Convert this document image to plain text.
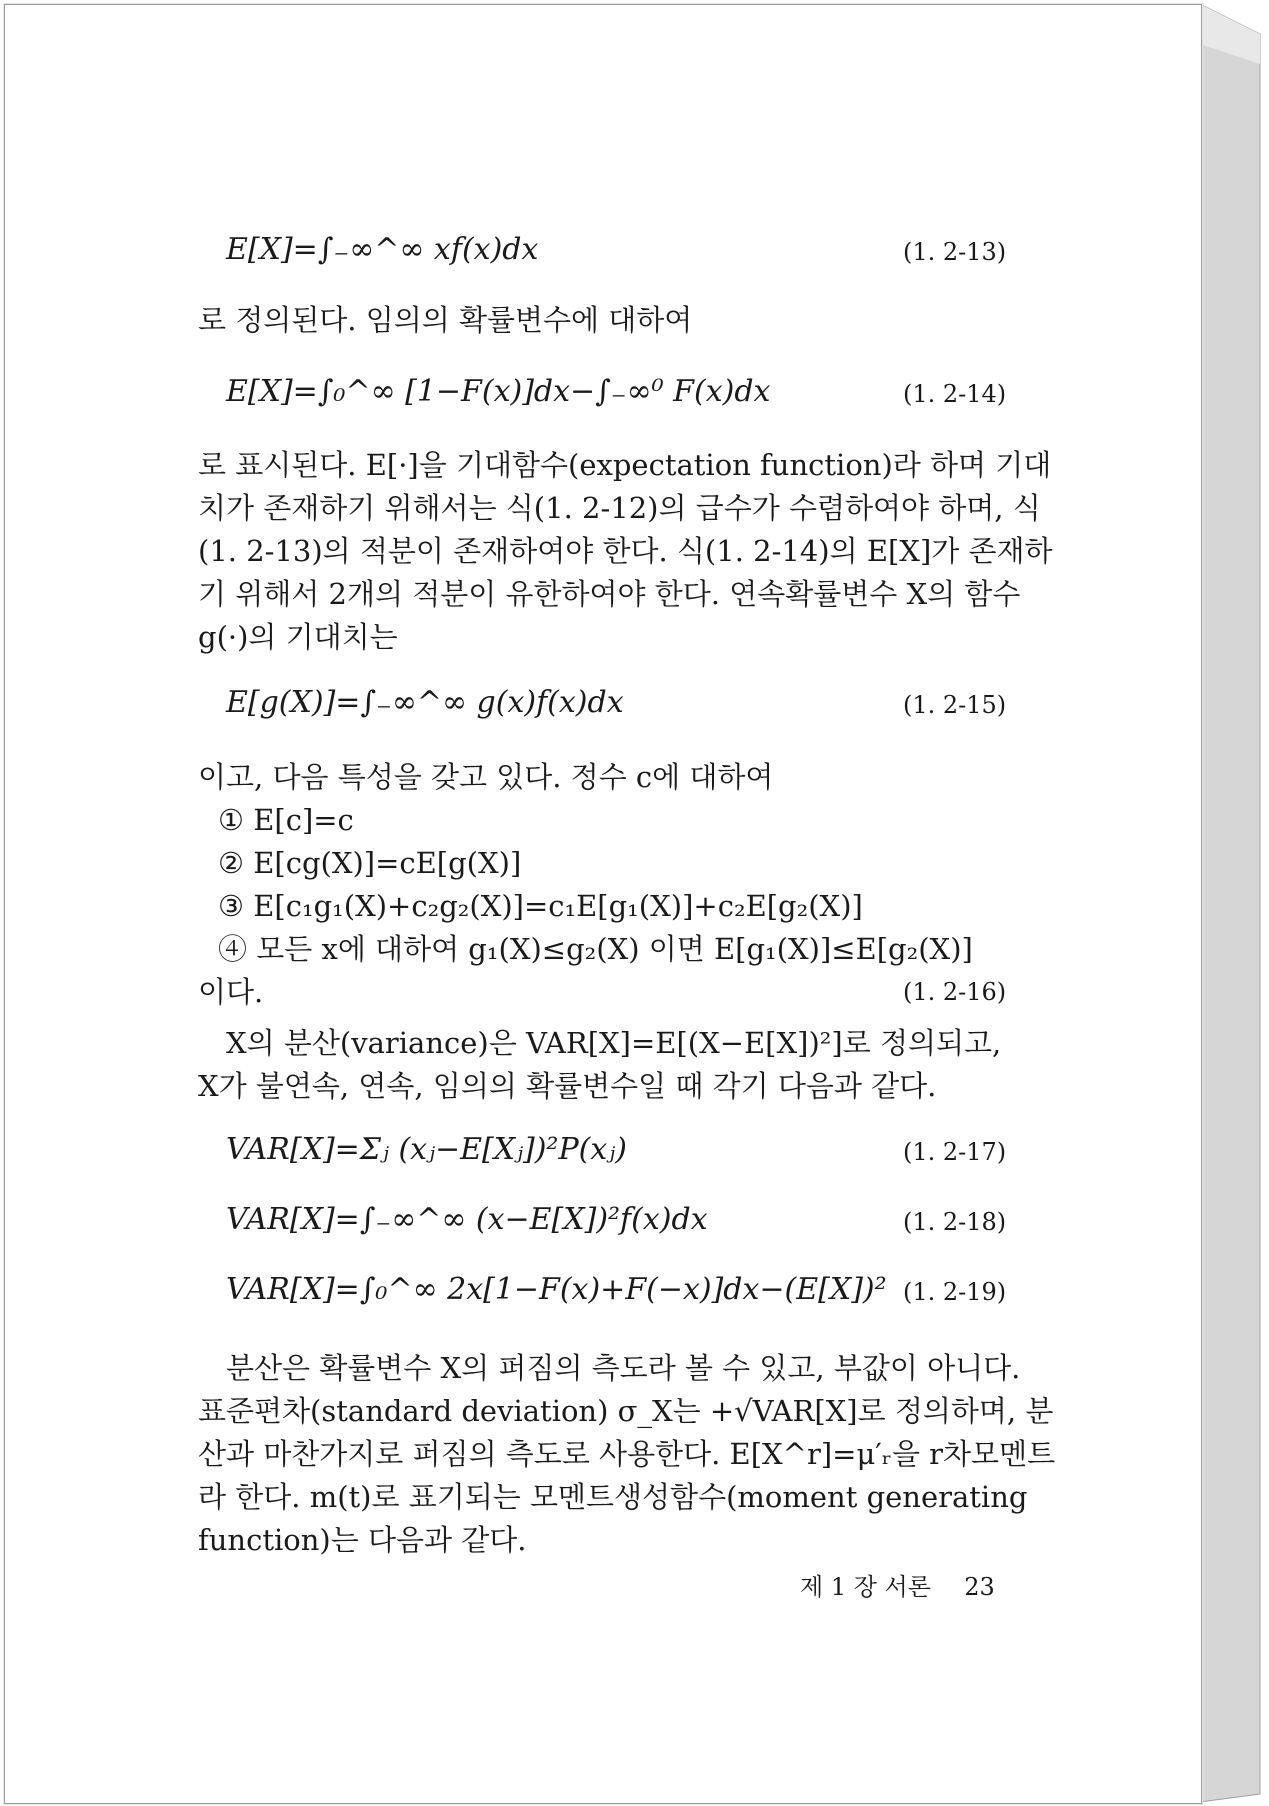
E[X]=∫₋∞^∞ xf(x)dx	(1. 2-13)
로 정의된다. 임의의 확률변수에 대하여
E[X]=∫₀^∞ [1−F(x)]dx−∫₋∞⁰ F(x)dx	(1. 2-14)
로 표시된다. E[·]을 기대함수(expectation function)라 하며 기대
치가 존재하기 위해서는 식(1. 2-12)의 급수가 수렴하여야 하며, 식
(1. 2-13)의 적분이 존재하여야 한다. 식(1. 2-14)의 E[X]가 존재하
기 위해서 2개의 적분이 유한하여야 한다. 연속확률변수 X의 함수
g(·)의 기대치는
E[g(X)]=∫₋∞^∞ g(x)f(x)dx	(1. 2-15)
이고, 다음 특성을 갖고 있다. 정수 c에 대하여
① E[c]=c
② E[cg(X)]=cE[g(X)]
③ E[c₁g₁(X)+c₂g₂(X)]=c₁E[g₁(X)]+c₂E[g₂(X)]
④ 모든 x에 대하여 g₁(X)≤g₂(X) 이면 E[g₁(X)]≤E[g₂(X)]
이다.	(1. 2-16)
X의 분산(variance)은 VAR[X]=E[(X−E[X])²]로 정의되고,
X가 불연속, 연속, 임의의 확률변수일 때 각기 다음과 같다.
VAR[X]=Σⱼ (xⱼ−E[Xⱼ])²P(xⱼ)	(1. 2-17)
VAR[X]=∫₋∞^∞ (x−E[X])²f(x)dx	(1. 2-18)
VAR[X]=∫₀^∞ 2x[1−F(x)+F(−x)]dx−(E[X])² (1. 2-19)
분산은 확률변수 X의 퍼짐의 측도라 볼 수 있고, 부값이 아니다.
표준편차(standard deviation) σ_X는 +√VAR[X]로 정의하며, 분
산과 마찬가지로 퍼짐의 측도로 사용한다. E[X^r]=μ′ᵣ을 r차모멘트
라 한다. m(t)로 표기되는 모멘트생성함수(moment generating
function)는 다음과 같다.
제 1 장 서론 23
